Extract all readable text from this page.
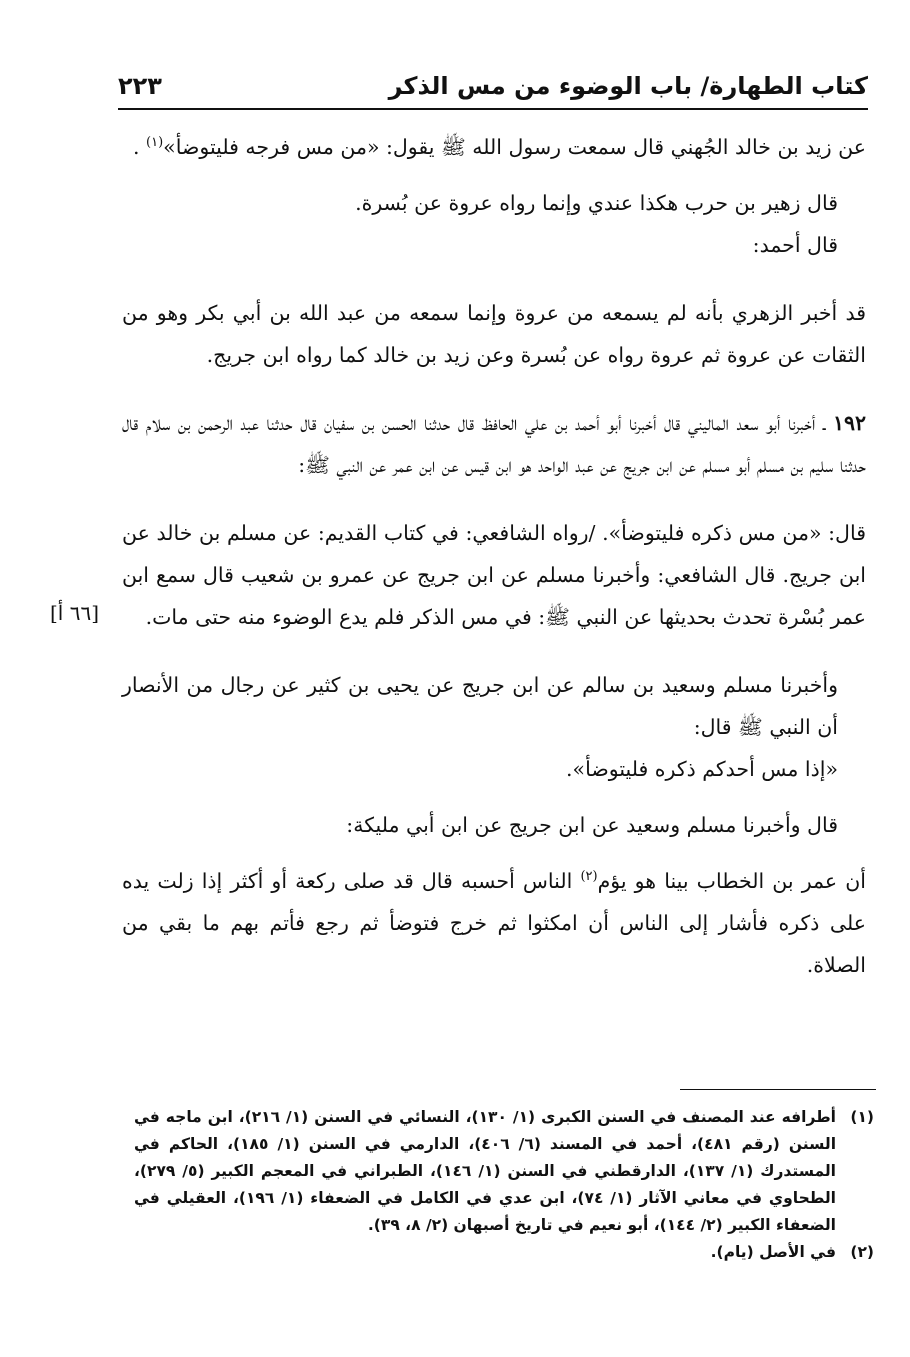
كتاب الطهارة/ باب الوضوء من مس الذكر
٢٢٣

عن زيد بن خالد الجُهني قال سمعت رسول الله ﷺ يقول: «من مس فرجه فليتوضأ»$^{(١)}$ .

قال زهير بن حرب هكذا عندي وإنما رواه عروة عن بُسرة.

قال أحمد:

قد أخبر الزهري بأنه لم يسمعه من عروة وإنما سمعه من عبد الله بن أبي بكر وهو من الثقات عن عروة ثم عروة رواه عن بُسرة وعن زيد بن خالد كما رواه ابن جريج.

١٩٢ ـ أخبرنا أبو سعد الماليني قال أخبرنا أبو أحمد بن علي الحافظ قال حدثنا الحسن بن سفيان قال حدثنا عبد الرحمن بن سلام قال حدثنا سليم بن مسلم أبو مسلم عن ابن جريج عن عبد الواحد هو ابن قيس عن ابن عمر عن النبي ﷺ:

قال: «من مس ذكره فليتوضأ». /رواه الشافعي: في كتاب القديم: عن مسلم بن خالد عن ابن جريج. قال الشافعي: وأخبرنا مسلم عن ابن جريج عن عمرو بن شعيب قال سمع ابن عمر بُسْرة تحدث بحديثها عن النبي ﷺ: في مس الذكر فلم يدع الوضوء منه حتى مات.

وأخبرنا مسلم وسعيد بن سالم عن ابن جريج عن يحيى بن كثير عن رجال من الأنصار أن النبي ﷺ قال:

«إذا مس أحدكم ذكره فليتوضأ».

قال وأخبرنا مسلم وسعيد عن ابن جريج عن ابن أبي مليكة:

أن عمر بن الخطاب بينا هو يؤم$^{(٢)}$ الناس أحسبه قال قد صلى ركعة أو أكثر إذا زلت يده على ذكره فأشار إلى الناس أن امكثوا ثم خرج فتوضأ ثم رجع فأتم بهم ما بقي من الصلاة.

[٦٦ أ]
(١)
أطرافه عند المصنف في السنن الكبرى (١/ ١٣٠)، النسائي في السنن (١/ ٢١٦)، ابن ماجه في السنن (رقم ٤٨١)، أحمد في المسند (٦/ ٤٠٦)، الدارمي في السنن (١/ ١٨٥)، الحاكم في المستدرك (١/ ١٣٧)، الدارقطني في السنن (١/ ١٤٦)، الطبراني في المعجم الكبير (٥/ ٢٧٩)، الطحاوي في معاني الآثار (١/ ٧٤)، ابن عدي في الكامل في الضعفاء (١/ ١٩٦)، العقيلي في الضعفاء الكبير (٢/ ١٤٤)، أبو نعيم في تاريخ أصبهان (٢/ ٨، ٣٩).
(٢)
في الأصل (يام).
